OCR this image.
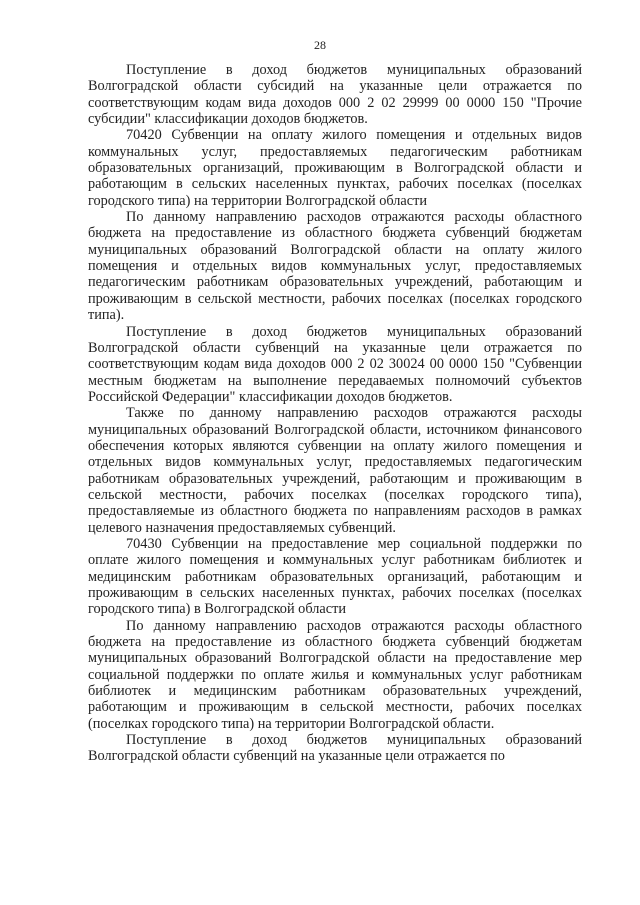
28

Поступление в доход бюджетов муниципальных образований Волгоградской области субсидий на указанные цели отражается по соответствующим кодам вида доходов 000 2 02 29999 00 0000 150 "Прочие субсидии" классификации доходов бюджетов.

70420 Субвенции на оплату жилого помещения и отдельных видов коммунальных услуг, предоставляемых педагогическим работникам образовательных организаций, проживающим в Волгоградской области и работающим в сельских населенных пунктах, рабочих поселках (поселках городского типа) на территории Волгоградской области

По данному направлению расходов отражаются расходы областного бюджета на предоставление из областного бюджета субвенций бюджетам муниципальных образований Волгоградской области на оплату жилого помещения и отдельных видов коммунальных услуг, предоставляемых педагогическим работникам образовательных учреждений, работающим и проживающим в сельской местности, рабочих поселках (поселках городского типа).

Поступление в доход бюджетов муниципальных образований Волгоградской области субвенций на указанные цели отражается по соответствующим кодам вида доходов 000 2 02 30024 00 0000 150 "Субвенции местным бюджетам на выполнение передаваемых полномочий субъектов Российской Федерации" классификации доходов бюджетов.

Также по данному направлению расходов отражаются расходы муниципальных образований Волгоградской области, источником финансового обеспечения которых являются субвенции на оплату жилого помещения и отдельных видов коммунальных услуг, предоставляемых педагогическим работникам образовательных учреждений, работающим и проживающим в сельской местности, рабочих поселках (поселках городского типа), предоставляемые из областного бюджета по направлениям расходов в рамках целевого назначения предоставляемых субвенций.

70430 Субвенции на предоставление мер социальной поддержки по оплате жилого помещения и коммунальных услуг работникам библиотек и медицинским работникам образовательных организаций, работающим и проживающим в сельских населенных пунктах, рабочих поселках (поселках городского типа) в Волгоградской области

По данному направлению расходов отражаются расходы областного бюджета на предоставление из областного бюджета субвенций бюджетам муниципальных образований Волгоградской области на предоставление мер социальной поддержки по оплате жилья и коммунальных услуг работникам библиотек и медицинским работникам образовательных учреждений, работающим и проживающим в сельской местности, рабочих поселках (поселках городского типа) на территории Волгоградской области.

Поступление в доход бюджетов муниципальных образований Волгоградской области субвенций на указанные цели отражается по
